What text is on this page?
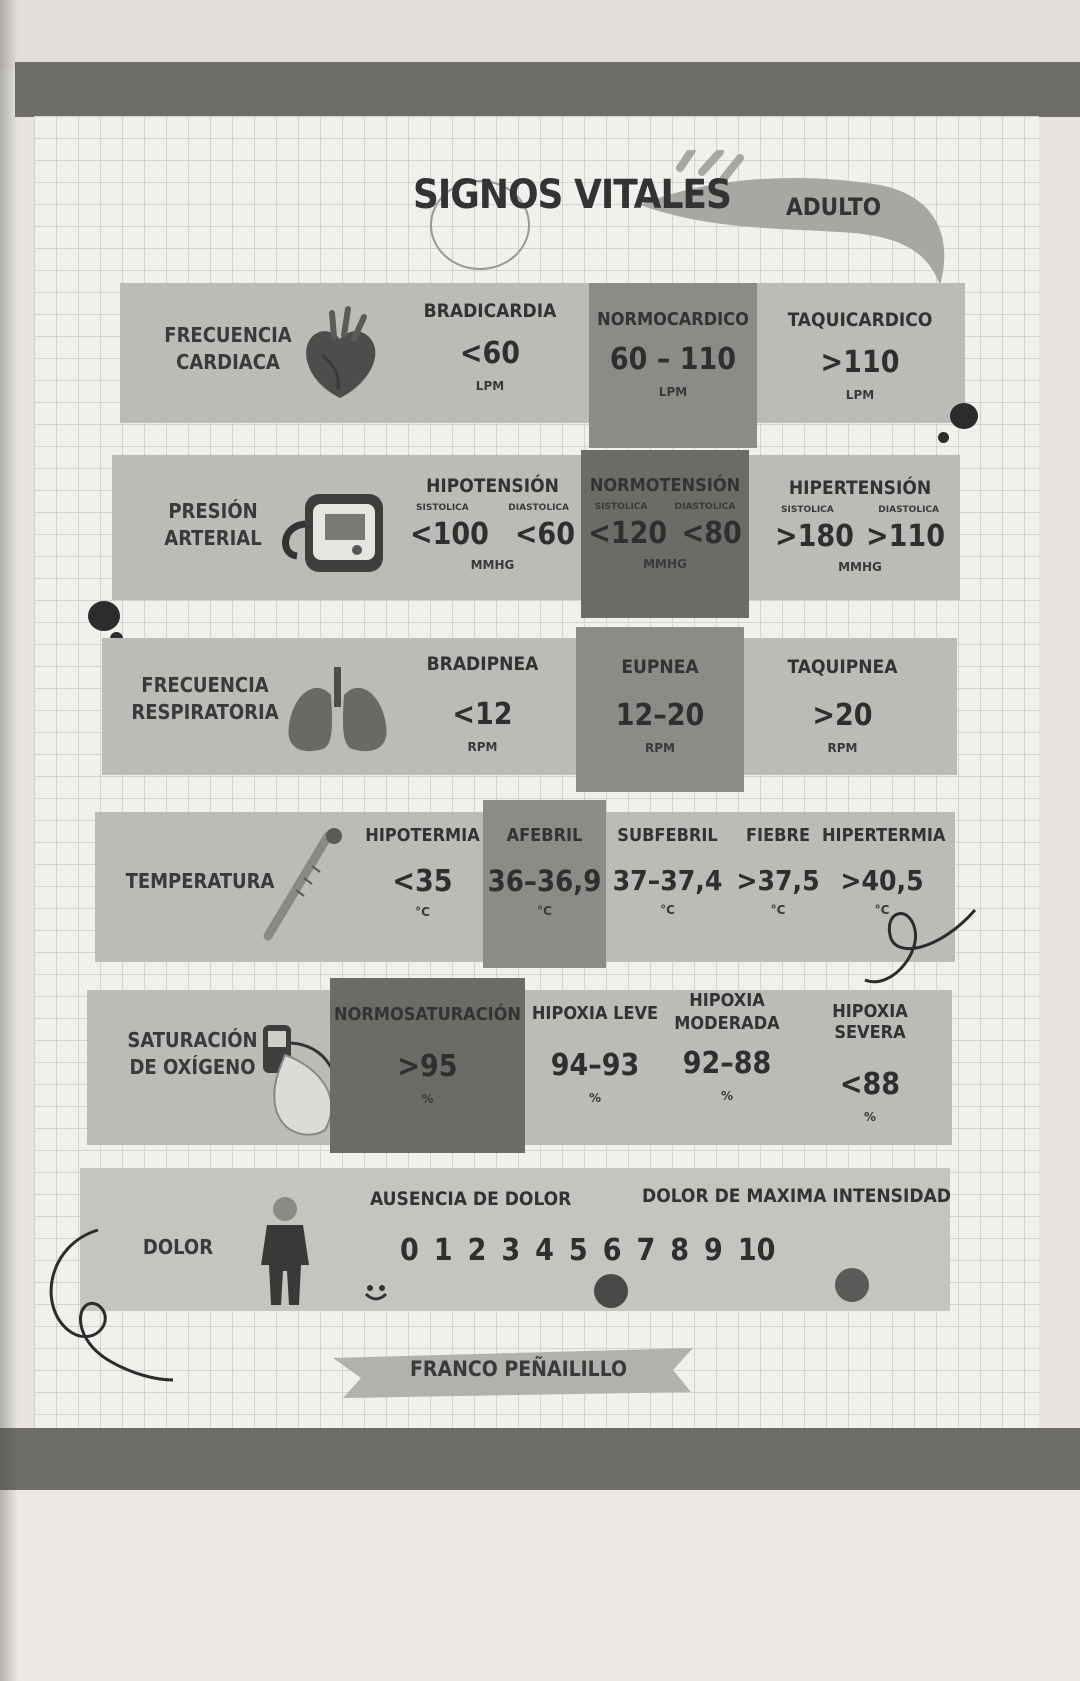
SIGNOS VITALES ADULTO
FRECUENCIA
CARDIACA
BRADICARDIA
<60
LPM
NORMOCARDICO
60 – 110
LPM
TAQUICARDICO
>110
LPM
PRESIÓN
ARTERIAL
HIPOTENSIÓN
SISTOLICA	DIASTOLICA
<100 <60
MMHG
NORMOTENSIÓN
SISTOLICA	DIASTOLICA
<120 <80
MMHG
HIPERTENSIÓN
SISTOLICA	DIASTOLICA
>180 >110
MMHG
FRECUENCIA
RESPIRATORIA
BRADIPNEA
<12
RPM
EUPNEA
12–20
RPM
TAQUIPNEA
>20
RPM
TEMPERATURA
HIPOTERMIA
<35
°C
AFEBRIL
36–36,9
°C
SUBFEBRIL
37–37,4
°C
FIEBRE
>37,5
°C
HIPERTERMIA
>40,5
°C
SATURACIÓN
DE OXÍGENO
NORMOSATURACIÓN
>95
%
HIPOXIA LEVE
94–93
%
HIPOXIA
MODERADA
92–88
%
HIPOXIA SEVERA
<88
%
DOLOR
AUSENCIA DE DOLOR	DOLOR DE MAXIMA INTENSIDAD
0 1 2 3 4 5 6 7 8 9 10
FRANCO PEÑAILILLO
